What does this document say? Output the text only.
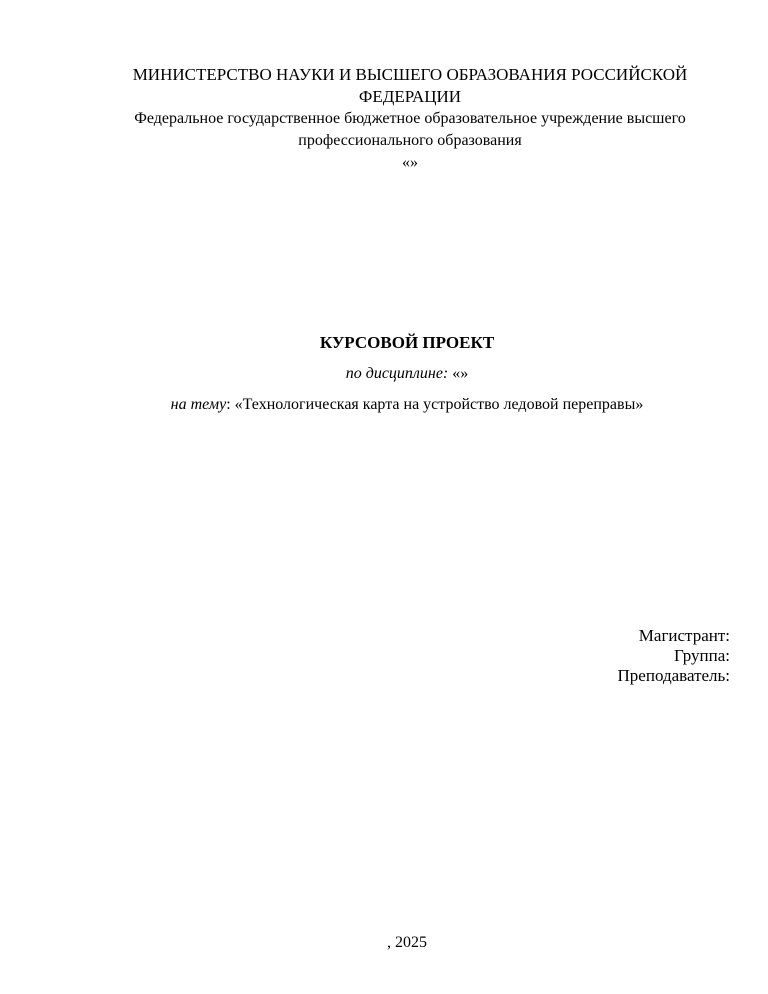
МИНИСТЕРСТВО НАУКИ И ВЫСШЕГО ОБРАЗОВАНИЯ РОССИЙСКОЙ
ФЕДЕРАЦИИ
Федеральное государственное бюджетное образовательное учреждение высшего
профессионального образования
«»
КУРСОВОЙ ПРОЕКТ
по дисциплине: «»
на тему: «Технологическая карта на устройство ледовой переправы»
Магистрант:
Группа:
Преподаватель:
, 2025
